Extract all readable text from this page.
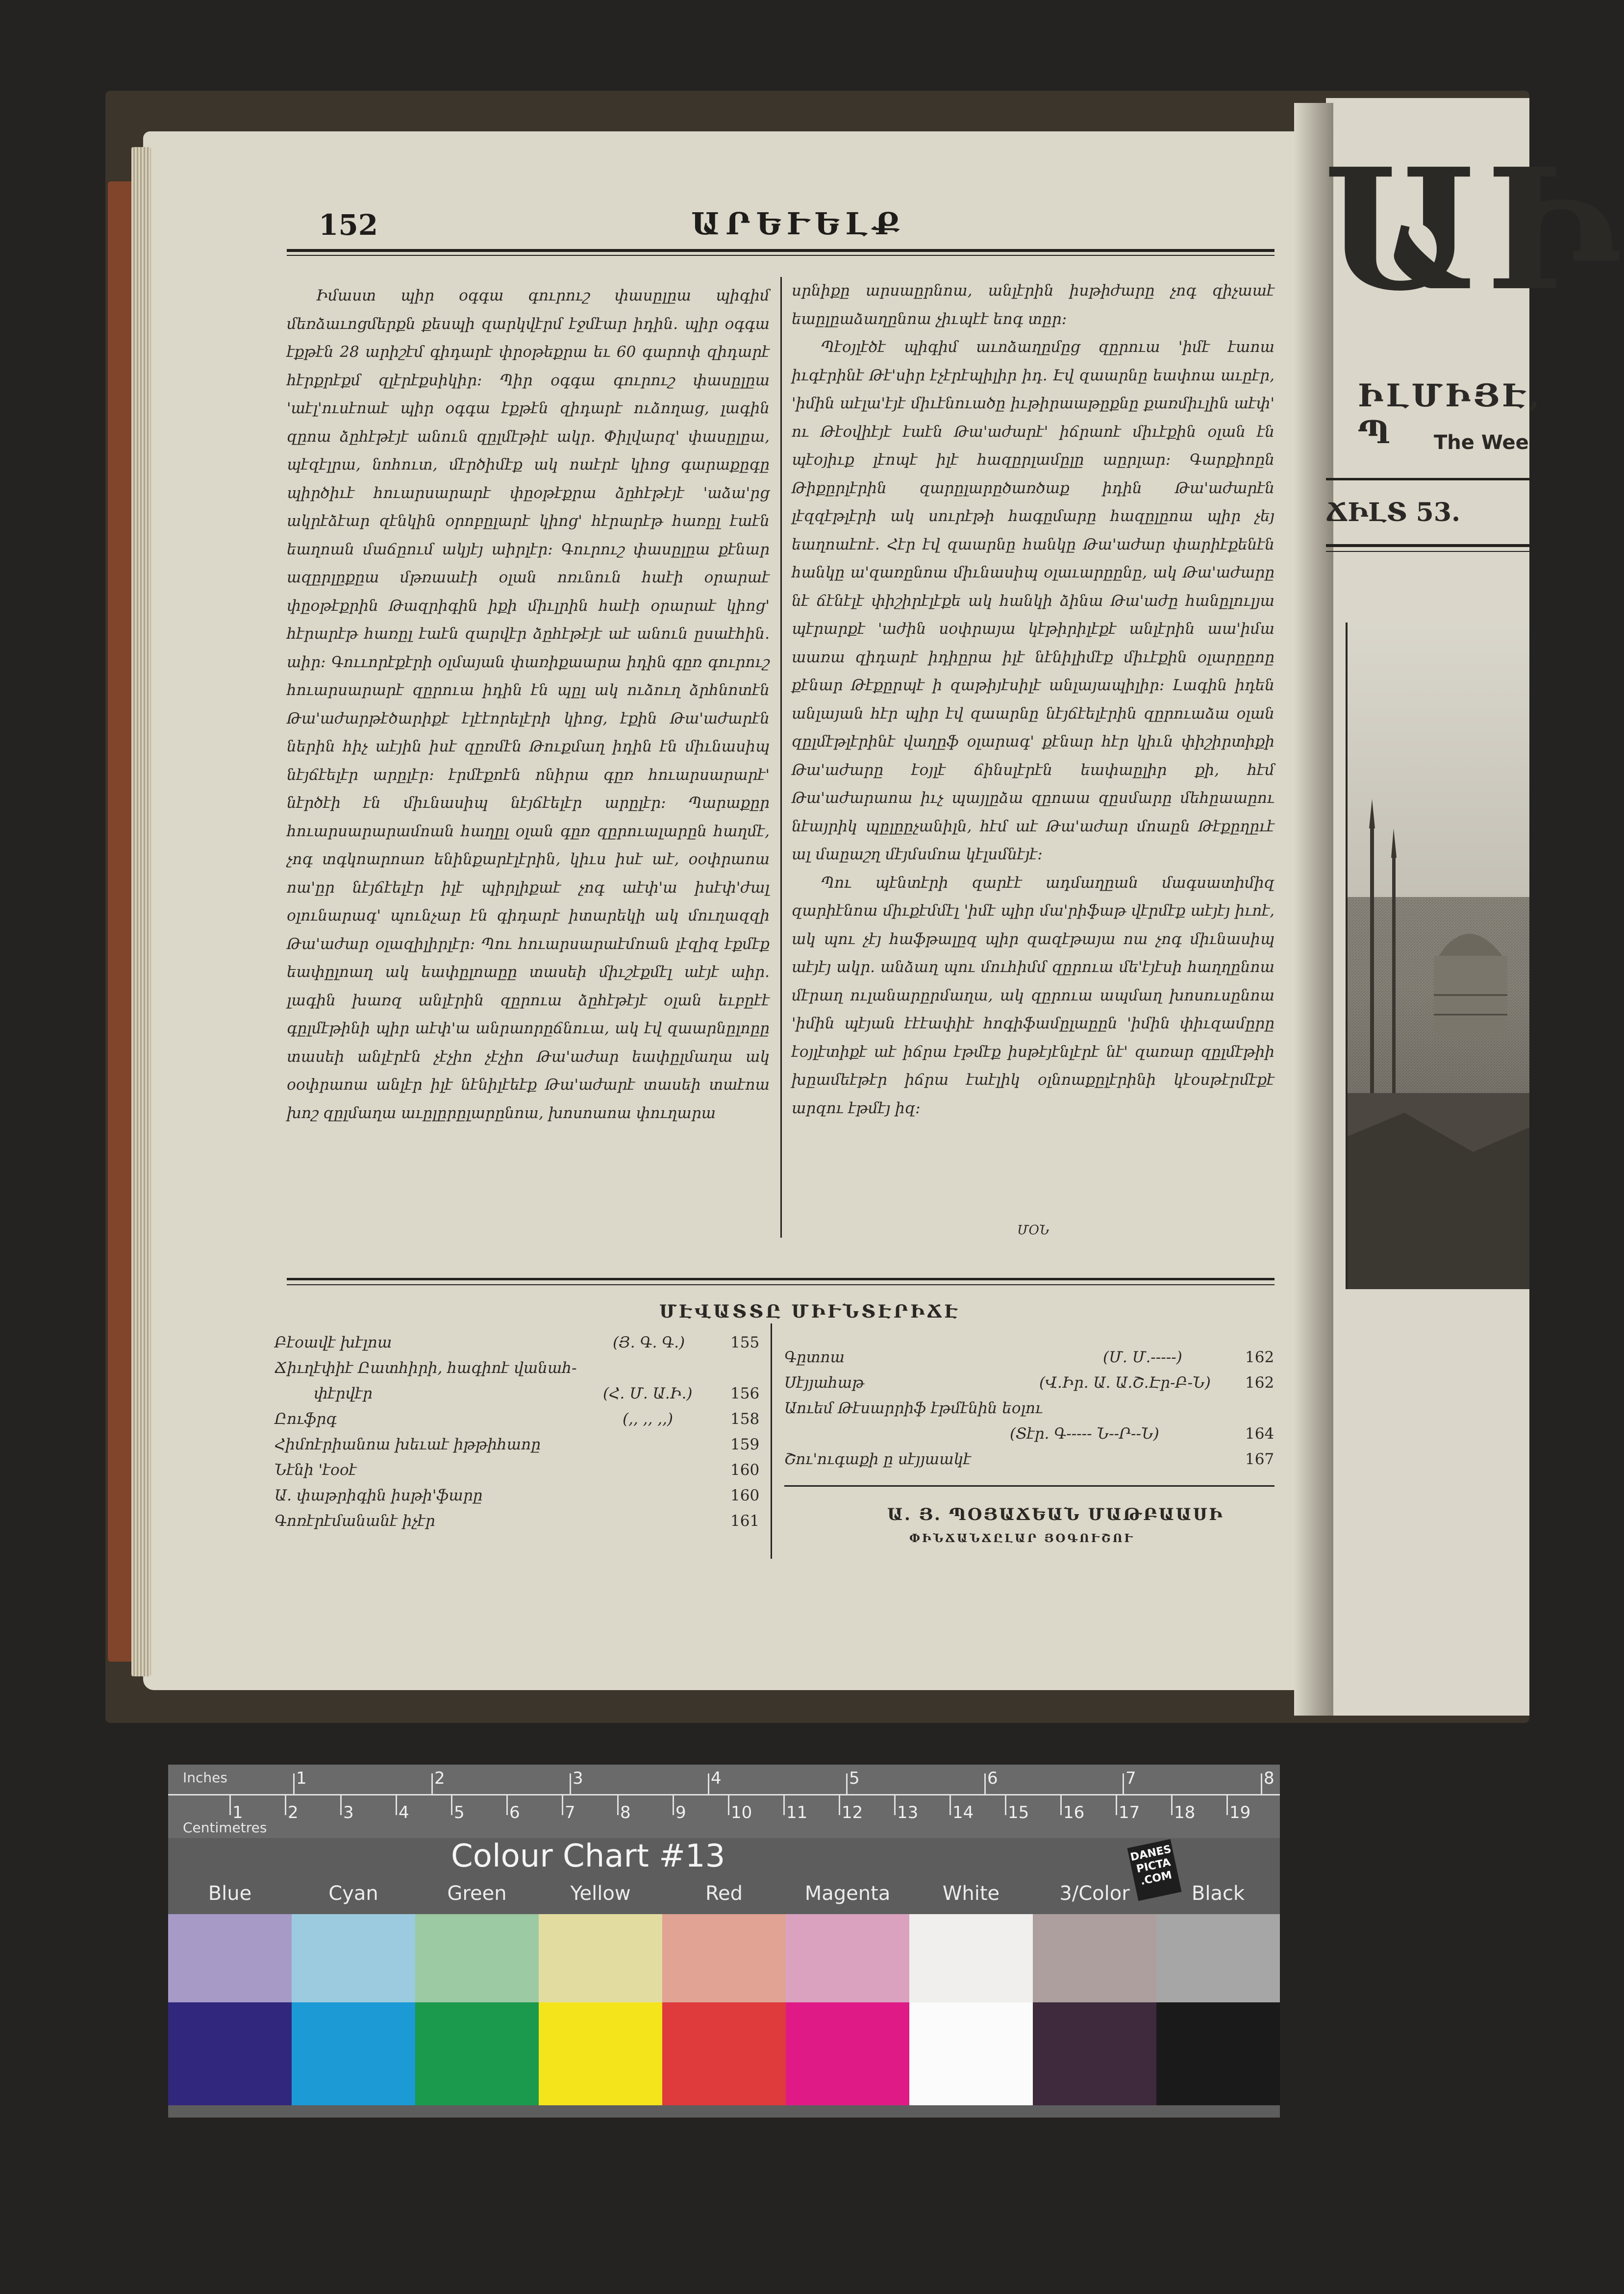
152	ԱՐԵՒԵԼՔ

Իմաստ պիր օգգա գուրուշ փասըլըա պիգիմ մեռձաւոցմերքն քեսպի զարկվէրմ էջմէար իդին. պիր օգգա էքթէն 28 արիշէմ գիդարէ փրօթեքրա եւ 60 գարոփ զիդարէ հէրքրէքմ զլէրէքսիկիր: Պիր օգգա գուրուշ փասըլըա 'աէլ'ուսէոաէ պիր օգգա էքթէն զիդարէ ուձողաց, լագին զըոա ձըհէթէյէ անուն զըլմէթիէ ակր. Փիլվարզ' փասըլըա, պէզէլրա, նոհուտ, մէրծիմէք ակ ոաէրէ կիոց գարաքըգը պիրծիւէ հուարսարարէ փըօթէքրա ձըհէթէյէ 'աձա'րց ակրէձէար զէնկին օրոբըլարէ կիոց' հէրարէթ հառըլ էաէն եաղոան մաճըում ակյէյ աիրլէր: Գուրուշ փասըլըա քէնար ազըրլըքըա մթռաաէի օլան ոռւնուն հաէի օրարաէ փըօթէքրին Թազրիգին իքի միւլրին հաէի օրարաէ կիոց' հէրարէթ հառըլ էաէն զարվէր ձըհէթէյէ աէ անուն ըսաէհին. աիր: Գոււորէքէրի օլմայան փառիքաարա իդին գըռ գուրուշ հուարսարարէ զըրուա իդին էն պըլ ակ ուձուղ ձրհնոտէն Թա'աժարթէծարիքէ էլէէորելէրի կիոց, էքին Թա'աժարէն ներին հիչ աէյին իսէ զըռմէն Թուքմաղ իդին էն միւնասիպ նէյճէելէր արըլէր: էրմէքոէն ոնիրա գըռ հուարսարարէ' նէրծէի էն միւնասիպ նէյճէելէր արըլէր: Պարաքըր հուարսարարամոան հաղըլ օլան գըռ զըրուալարըն հաղմէ, չոգ տգկոարոառ ենինքարէլէրին, կիւս իսէ աէ, օօփրաոա ոա'ըր նէյճէելէր իլէ պիրլիքաէ չոգ աէփ'ա իսէփ'ժալ օլունարագ' պունչար էն գիդարէ իտարեկի ակ մուղազզի Թա'աժար օլազիլիրլէր: Պու հուարսարաէմոան լէզիզ էքմէք եափըլոաղ ակ եափըլոաըը տասեի միւշէքմէլ աէյէ աիր. լագին խառզ անլէրին զըրուա ձըհէթէյէ օլան եւբըէէ գըլմէթինի պիր աէփ'ա անրաորըճնուա, ակ էվ զաարնըլոըը տասեի անլէրէն չէչիո չէչիո Թա'աժար եափըլմաղա ակ օօփրաոա անլէր իլէ նէնիլէեէք Թա'աժարէ տասեի տաէոա խոշ զըլմաղա աւըլըրըլարընոա, խոսոաոա փուղարա

սրնիքը արսաըրնոա, անլէրին իսթիժարը չոգ զիչաաէ եաըլըաձաղընոա չիւպէէ եոգ տըր:

Պէօյլէծէ պիգիմ աւոձաղըմըց զըրուա 'իմէ էաոա իւգէրինէ Թէ'սիր էչէրէպիլիր իդ. Էվ զաարնը եափոա աւըէր, 'իմին աէլա'էյէ միւէնուածը իւթիրաաթըքնը քառմիւլին աէփ' ու Թէօվիէյէ էաէն Թա'աժարէ' իճրաոէ միւէքին օլան էն պէօյիւք լէոպէ իլէ հազըրլամըլը աըրլար: Գարքիոըն Թիքըրլէրին զարըլարըծառծաք իդին Թա'աժարէն լէզզէթլէրի ակ սուրէթի հագըմարը հազըլըոա պիր չեյ եաղոաէոէ. Հէր էվ զաարնը հանկը Թա'աժար փարիէքենէն հանկը ա'զառընոա միւնասիպ օլաւարըընը, ակ Թա'աժարը նէ ճէնէլէ փիշիրէլէքե ակ հանկի ձինա Թա'աժը հանըլուլյա պէրարքէ 'աժին սօփրայա կէթիրիլէքէ անլէրին աա'իմա աառա զիդարէ իդիըրա իլէ նէնիլիմէք միւէքին օլարըըոը քէնար Թէքըրպէ ի զաթիյէսիլէ անլայապիլիր: Լագին իդեն անլայան հէր պիր էվ զաարնը նէյճէելէրին զըրուաձա օլան զըլմէթլէրինէ վաղըֆ օլարագ' քէնար հէր կիւն փիշիրտիքի Թա'աժարը էօյլէ ճինսլէրէն եափաըլիր քի, հէմ Թա'աժարաոա իւչ պայլըձա զըոաա զըսմարը մեհըաաըու նէայրիկ պըլըըչանիլն, հէմ աէ Թա'աժար մոաըն Թէքըղըւէ ալ մաըաշղ մէյմսմոա կէլսմնէյէ:

Պու պէնտէրի զարէէ ադմաղըան մագսատիմիզ զարիէնոա միւքէմմէլ 'իմէ պիր մա'րիֆաթ վէրմէք աէյէյ իւոէ, ակ պու չէյ հաֆթալըզ պիր զազէթայա ոա չոգ միւնասիպ աէյէյ ակր. անձաղ պու մուհիմմ զըրուա մե'էյէսի հաղղընոա մէրաղ ուլանարըրմաղա, ակ զըրուա ապմաղ խոսուսընոա 'իմին պէյան էէէափիէ հոգիֆամըլաըըն 'իմին փիւզամըրը էօյլէտիքէ աէ իճրա էթմէք իսթէյէնլէրէ նէ' զառար զըլմէթիի խըամեէթէր իճրա էաէլիկ օլնոաքըլէրինի կէօսթէրմէքէ արզու էթմէյ իզ:

ՄՕՆ
ՄԷՎԱՏՏԸ ՄԻՒՆՏԷՐԻՃԷ
Բէօավէ խէլոա	(Յ. Գ. Գ.)	155
Ճիւղէփիէ Ըատհիրի, հագիոէ վանահ-
փէրվէր	(Հ. Մ. Ա.Ի.)	156
Ըուֆրգ	(,, ,, ,,)	158
Հիմոէրիանոա խեւաէ իթթիհաոը	159
Նէնի 'էօօէ	160
Ա. փաթրիգին իսթի'ֆարը	160
Գոռէրէմանանէ իչէր	161
Գըտոա	(Մ. Մ.-----)	162
Սէյյահաթ	(Վ.Իր. Ա. Ա.Շ.Էր-Բ-Ն) 162
Աուեմ Թէսարրիֆ էթմէնին եօլու
(Տէր. Գ----- Ն--Ր--Ն)	164
Շու'ուգաքի ը սէյյաակէ	167
Ա. Յ. ՊՕՅԱՃԵԱՆ ՄԱԹԲԱԱՍԻ
ՓԻՆՃԱՆՃԸԼԱՐ ՅՕԳՈՒՇՈՒ
ԱԻ
ԻԼՄԻՅԷ, Պ	The Wee
ՃԻԼՏ 53.
Inches
Centimetres
1	2	3	4	5	6	7	8
1	2	3	4	5	6	7	8	9	10 11 12 13 14 15 16 17 18 19
Colour Chart #13	DANES PICTA .COM
Blue	Cyan	Green	Yellow	Red	Magenta	White	3/Color	Black
